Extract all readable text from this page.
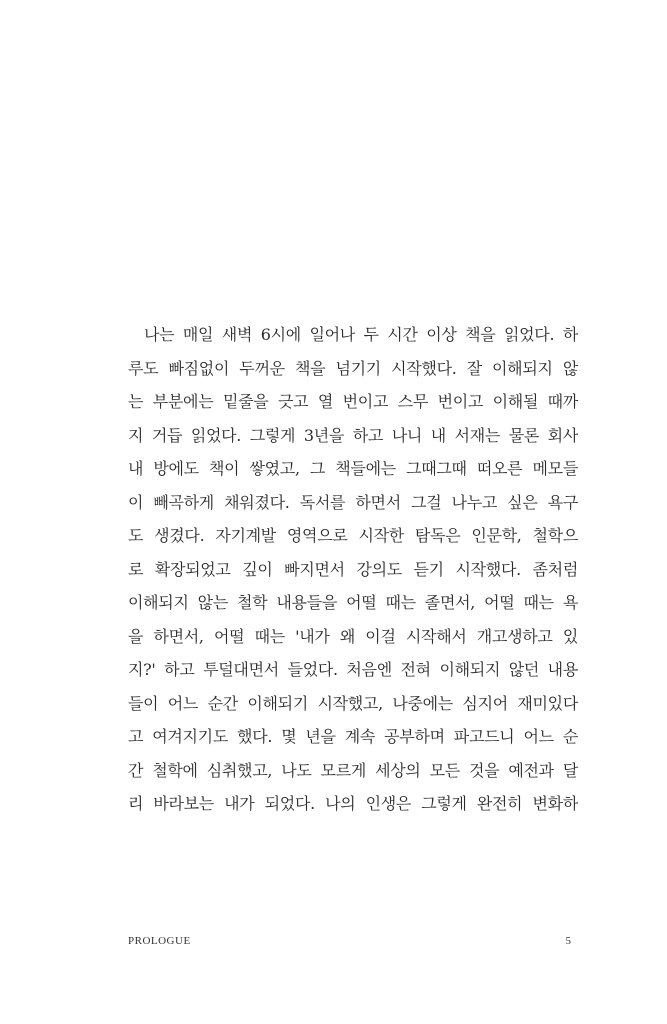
나는 매일 새벽 6시에 일어나 두 시간 이상 책을 읽었다. 하
루도 빠짐없이 두꺼운 책을 넘기기 시작했다. 잘 이해되지 않
는 부분에는 밑줄을 긋고 열 번이고 스무 번이고 이해될 때까
지 거듭 읽었다. 그렇게 3년을 하고 나니 내 서재는 물론 회사
내 방에도 책이 쌓였고, 그 책들에는 그때그때 떠오른 메모들
이 빼곡하게 채워졌다. 독서를 하면서 그걸 나누고 싶은 욕구
도 생겼다. 자기계발 영역으로 시작한 탐독은 인문학, 철학으
로 확장되었고 깊이 빠지면서 강의도 듣기 시작했다. 좀처럼
이해되지 않는 철학 내용들을 어떨 때는 졸면서, 어떨 때는 욕
을 하면서, 어떨 때는 '내가 왜 이걸 시작해서 개고생하고 있
지?' 하고 투덜대면서 들었다. 처음엔 전혀 이해되지 않던 내용
들이 어느 순간 이해되기 시작했고, 나중에는 심지어 재미있다
고 여겨지기도 했다. 몇 년을 계속 공부하며 파고드니 어느 순
간 철학에 심취했고, 나도 모르게 세상의 모든 것을 예전과 달
리 바라보는 내가 되었다. 나의 인생은 그렇게 완전히 변화하
PROLOGUE	5
